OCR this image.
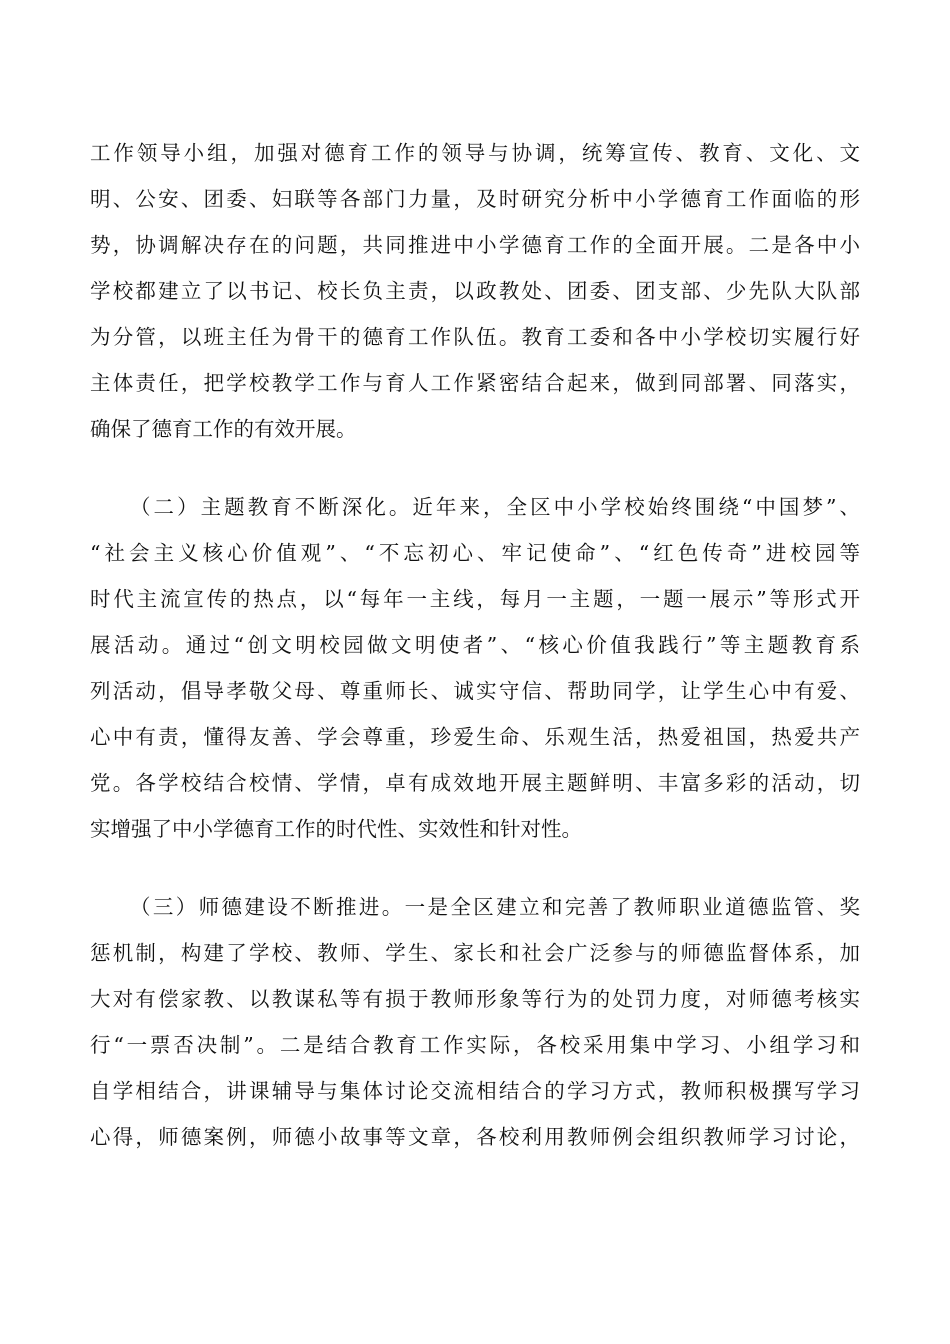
工作领导小组，加强对德育工作的领导与协调，统筹宣传、教育、文化、文
明、公安、团委、妇联等各部门力量，及时研究分析中小学德育工作面临的形
势，协调解决存在的问题，共同推进中小学德育工作的全面开展。二是各中小
学校都建立了以书记、校长负主责，以政教处、团委、团支部、少先队大队部
为分管，以班主任为骨干的德育工作队伍。教育工委和各中小学校切实履行好
主体责任，把学校教学工作与育人工作紧密结合起来，做到同部署、同落实，
确保了德育工作的有效开展。
（二）主题教育不断深化。近年来，全区中小学校始终围绕“中国梦”、
“社会主义核心价值观”、“不忘初心、牢记使命”、“红色传奇”进校园等
时代主流宣传的热点，以“每年一主线，每月一主题，一题一展示”等形式开
展活动。通过“创文明校园做文明使者”、“核心价值我践行”等主题教育系
列活动，倡导孝敬父母、尊重师长、诚实守信、帮助同学，让学生心中有爱、
心中有责，懂得友善、学会尊重，珍爱生命、乐观生活，热爱祖国，热爱共产
党。各学校结合校情、学情，卓有成效地开展主题鲜明、丰富多彩的活动，切
实增强了中小学德育工作的时代性、实效性和针对性。
（三）师德建设不断推进。一是全区建立和完善了教师职业道德监管、奖
惩机制，构建了学校、教师、学生、家长和社会广泛参与的师德监督体系，加
大对有偿家教、以教谋私等有损于教师形象等行为的处罚力度，对师德考核实
行“一票否决制”。二是结合教育工作实际，各校采用集中学习、小组学习和
自学相结合，讲课辅导与集体讨论交流相结合的学习方式，教师积极撰写学习
心得，师德案例，师德小故事等文章，各校利用教师例会组织教师学习讨论，
